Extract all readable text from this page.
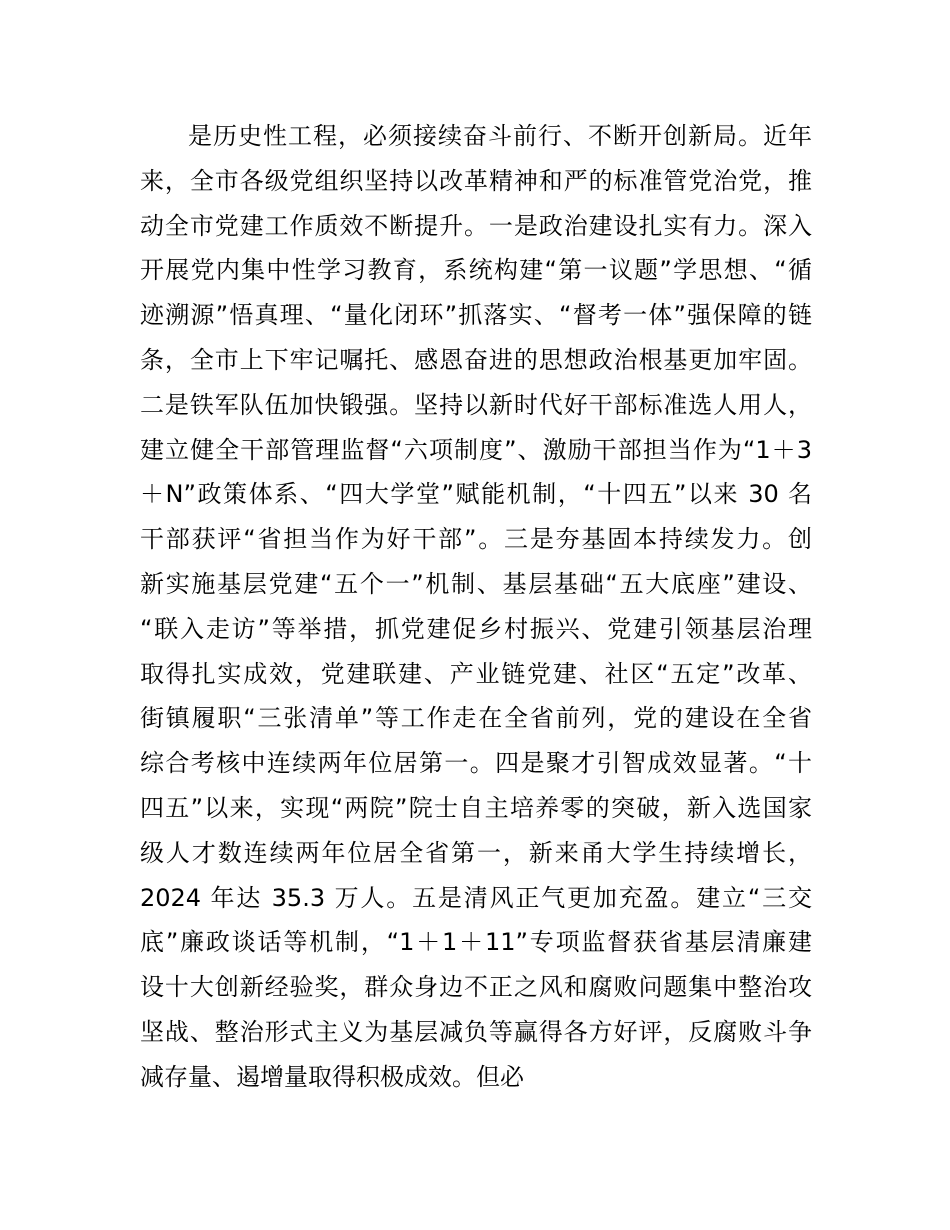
是历史性工程，必须接续奋斗前行、不断开创新局。近年
来，全市各级党组织坚持以改革精神和严的标准管党治党，推
动全市党建工作质效不断提升。一是政治建设扎实有力。深入
开展党内集中性学习教育，系统构建“第一议题”学思想、“循
迹溯源”悟真理、“量化闭环”抓落实、“督考一体”强保障的链
条，全市上下牢记嘱托、感恩奋进的思想政治根基更加牢固。
二是铁军队伍加快锻强。坚持以新时代好干部标准选人用人，
建立健全干部管理监督“六项制度”、激励干部担当作为“1＋3
＋N”政策体系、“四大学堂”赋能机制，“十四五”以来 30 名
干部获评“省担当作为好干部”。三是夯基固本持续发力。创
新实施基层党建“五个一”机制、基层基础“五大底座”建设、
“联入走访”等举措，抓党建促乡村振兴、党建引领基层治理
取得扎实成效，党建联建、产业链党建、社区“五定”改革、
街镇履职“三张清单”等工作走在全省前列，党的建设在全省
综合考核中连续两年位居第一。四是聚才引智成效显著。“十
四五”以来，实现“两院”院士自主培养零的突破，新入选国家
级人才数连续两年位居全省第一，新来甬大学生持续增长，
2024 年达 35.3 万人。五是清风正气更加充盈。建立“三交
底”廉政谈话等机制，“1＋1＋11”专项监督获省基层清廉建
设十大创新经验奖，群众身边不正之风和腐败问题集中整治攻
坚战、整治形式主义为基层减负等赢得各方好评，反腐败斗争
减存量、遏增量取得积极成效。但必
